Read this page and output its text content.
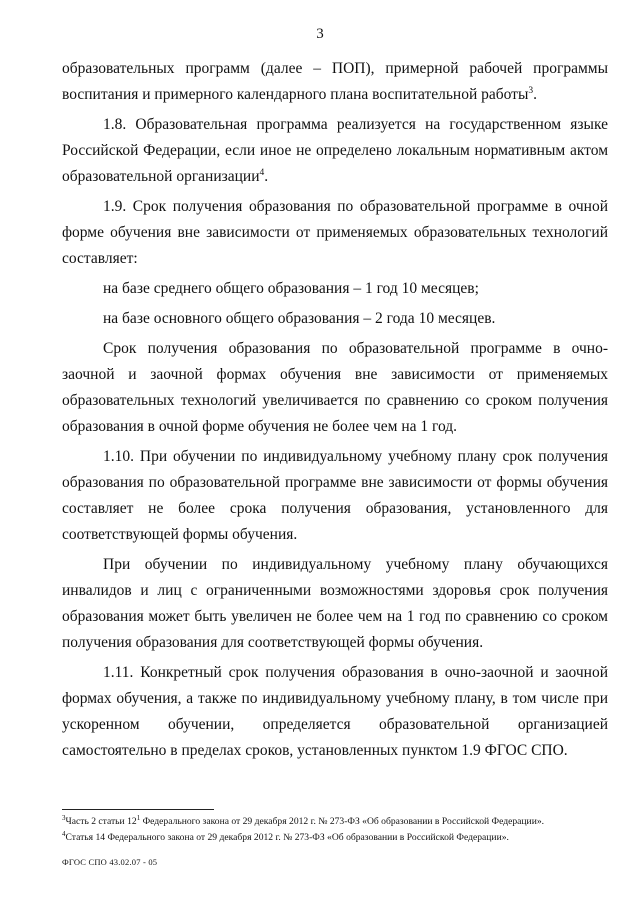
3

образовательных программ (далее – ПОП), примерной рабочей программы воспитания и примерного календарного плана воспитательной работы$^3$.

1.8. Образовательная программа реализуется на государственном языке Российской Федерации, если иное не определено локальным нормативным актом образовательной организации$^4$.

1.9. Срок получения образования по образовательной программе в очной форме обучения вне зависимости от применяемых образовательных технологий составляет:

на базе среднего общего образования – 1 год 10 месяцев;

на базе основного общего образования – 2 года 10 месяцев.

Срок получения образования по образовательной программе в очно-заочной и заочной формах обучения вне зависимости от применяемых образовательных технологий увеличивается по сравнению со сроком получения образования в очной форме обучения не более чем на 1 год.

1.10. При обучении по индивидуальному учебному плану срок получения образования по образовательной программе вне зависимости от формы обучения составляет не более срока получения образования, установленного для соответствующей формы обучения.

При обучении по индивидуальному учебному плану обучающихся инвалидов и лиц с ограниченными возможностями здоровья срок получения образования может быть увеличен не более чем на 1 год по сравнению со сроком получения образования для соответствующей формы обучения.

1.11. Конкретный срок получения образования в очно-заочной и заочной формах обучения, а также по индивидуальному учебному плану, в том числе при ускоренном обучении, определяется образовательной организацией самостоятельно в пределах сроков, установленных пунктом 1.9 ФГОС СПО.

$^3$Часть 2 статьи $12^1$ Федерального закона от 29 декабря 2012 г. № 273-ФЗ «Об образовании в Российской Федерации».
$^4$Статья 14 Федерального закона от 29 декабря 2012 г. № 273-ФЗ «Об образовании в Российской Федерации».
ФГОС СПО 43.02.07 - 05
